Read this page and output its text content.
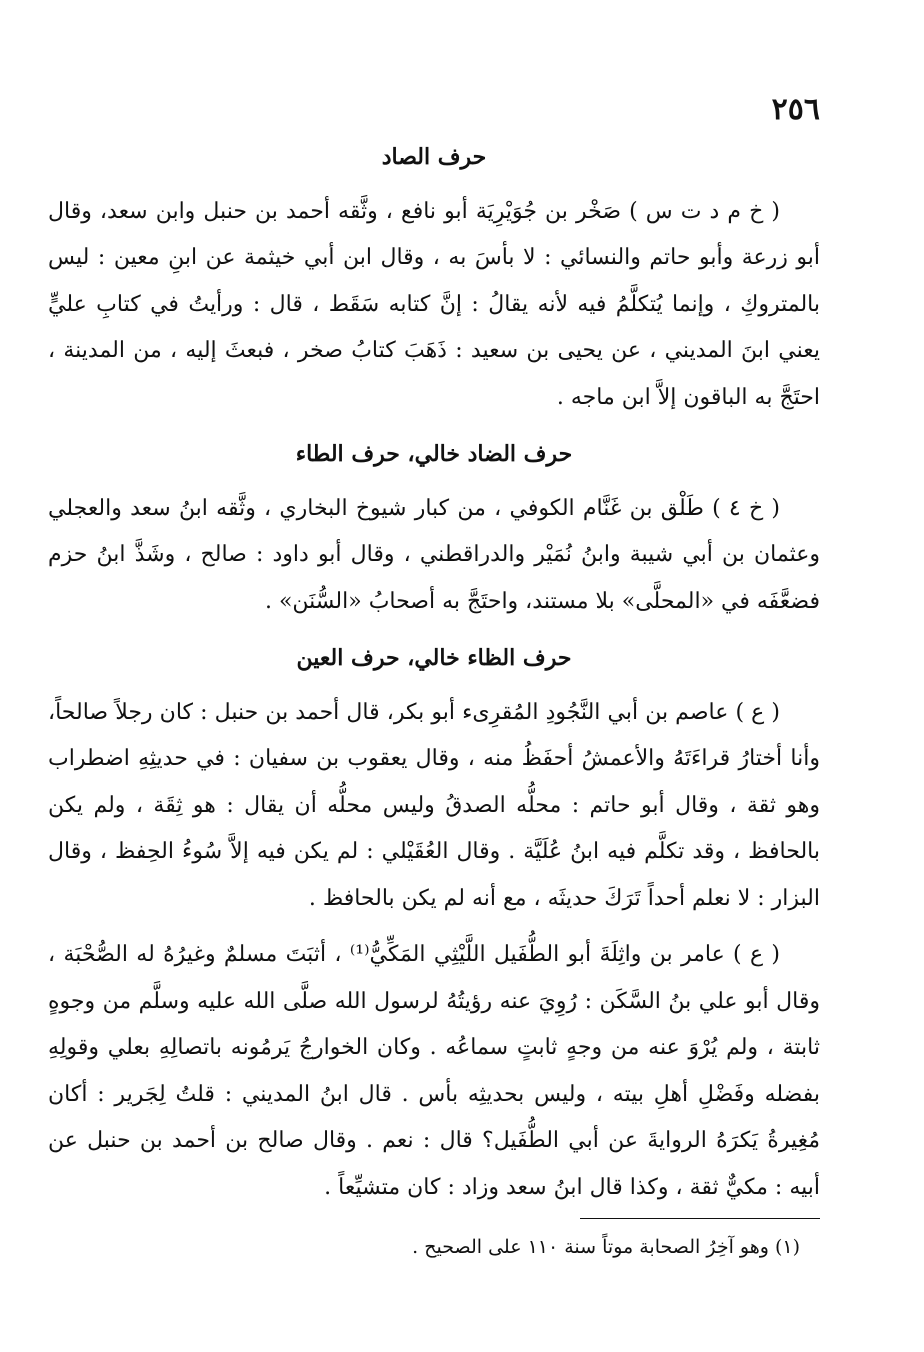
٢٥٦
حرف الصاد

( خ م د ت س ) صَخْر بن جُوَيْرِيَة أبو نافع ، وثَّقه أحمد بن حنبل وابن سعد، وقال أبو زرعة وأبو حاتم والنسائي : لا بأسَ به ، وقال ابن أبي خيثمة عن ابنِ معين : ليس بالمتروكِ ، وإنما يُتكلَّمُ فيه لأنه يقالُ : إنَّ كتابه سَقَط ، قال : ورأيتُ في كتابِ عليٍّ يعني ابنَ المديني ، عن يحيى بن سعيد : ذَهَبَ كتابُ صخر ، فبعثَ إليه ، من المدينة ، احتَجَّ به الباقون إلاَّ ابن ماجه .

حرف الضاد خالي، حرف الطاء

( خ ٤ ) طَلْق بن غَنَّام الكوفي ، من كبار شيوخ البخاري ، وثَّقه ابنُ سعد والعجلي وعثمان بن أبي شيبة وابنُ نُمَيْر والدراقطني ، وقال أبو داود : صالح ، وشَذَّ ابنُ حزم فضعَّفَه في «المحلَّى» بلا مستند، واحتَجَّ به أصحابُ «السُّنَن» .

حرف الظاء خالي، حرف العين

( ع ) عاصم بن أبي النَّجُودِ المُقرِىء أبو بكر، قال أحمد بن حنبل : كان رجلاً صالحاً، وأنا أختارُ قراءَتَهُ والأعمشُ أحفَظُ منه ، وقال يعقوب بن سفيان : في حديثِهِ اضطراب وهو ثقة ، وقال أبو حاتم : محلُّه الصدقُ وليس محلُّه أن يقال : هو ثِقَة ، ولم يكن بالحافظ ، وقد تكلَّم فيه ابنُ عُلَيَّة . وقال العُقَيْلي : لم يكن فيه إلاَّ سُوءُ الحِفظ ، وقال البزار : لا نعلم أحداً تَرَكَ حديثَه ، مع أنه لم يكن بالحافظ .

( ع ) عامر بن واثِلَةَ أبو الطُّفَيل اللَّيْثِي المَكِّيُّ⁽¹⁾ ، أثبَتَ مسلمٌ وغيرُهُ له الصُّحْبَة ، وقال أبو علي بنُ السَّكَن : رُوِيَ عنه رؤيتُهُ لرسول الله صلَّى الله عليه وسلَّم من وجوهٍ ثابتة ، ولم يُرْوَ عنه من وجهٍ ثابتٍ سماعُه . وكان الخوارجُ يَرمُونه باتصالِهِ بعلي وقولِهِ بفضله وفَضْلِ أهلِ بيته ، وليس بحديثِه بأس . قال ابنُ المديني : قلتُ لِجَرير : أكان مُغِيرةُ يَكرَهُ الروايةَ عن أبي الطُّفَيل؟ قال : نعم . وقال صالح بن أحمد بن حنبل عن أبيه : مكيٌّ ثقة ، وكذا قال ابنُ سعد وزاد : كان متشيِّعاً .

(١) وهو آخِرُ الصحابة موتاً سنة ١١٠ على الصحيح .
